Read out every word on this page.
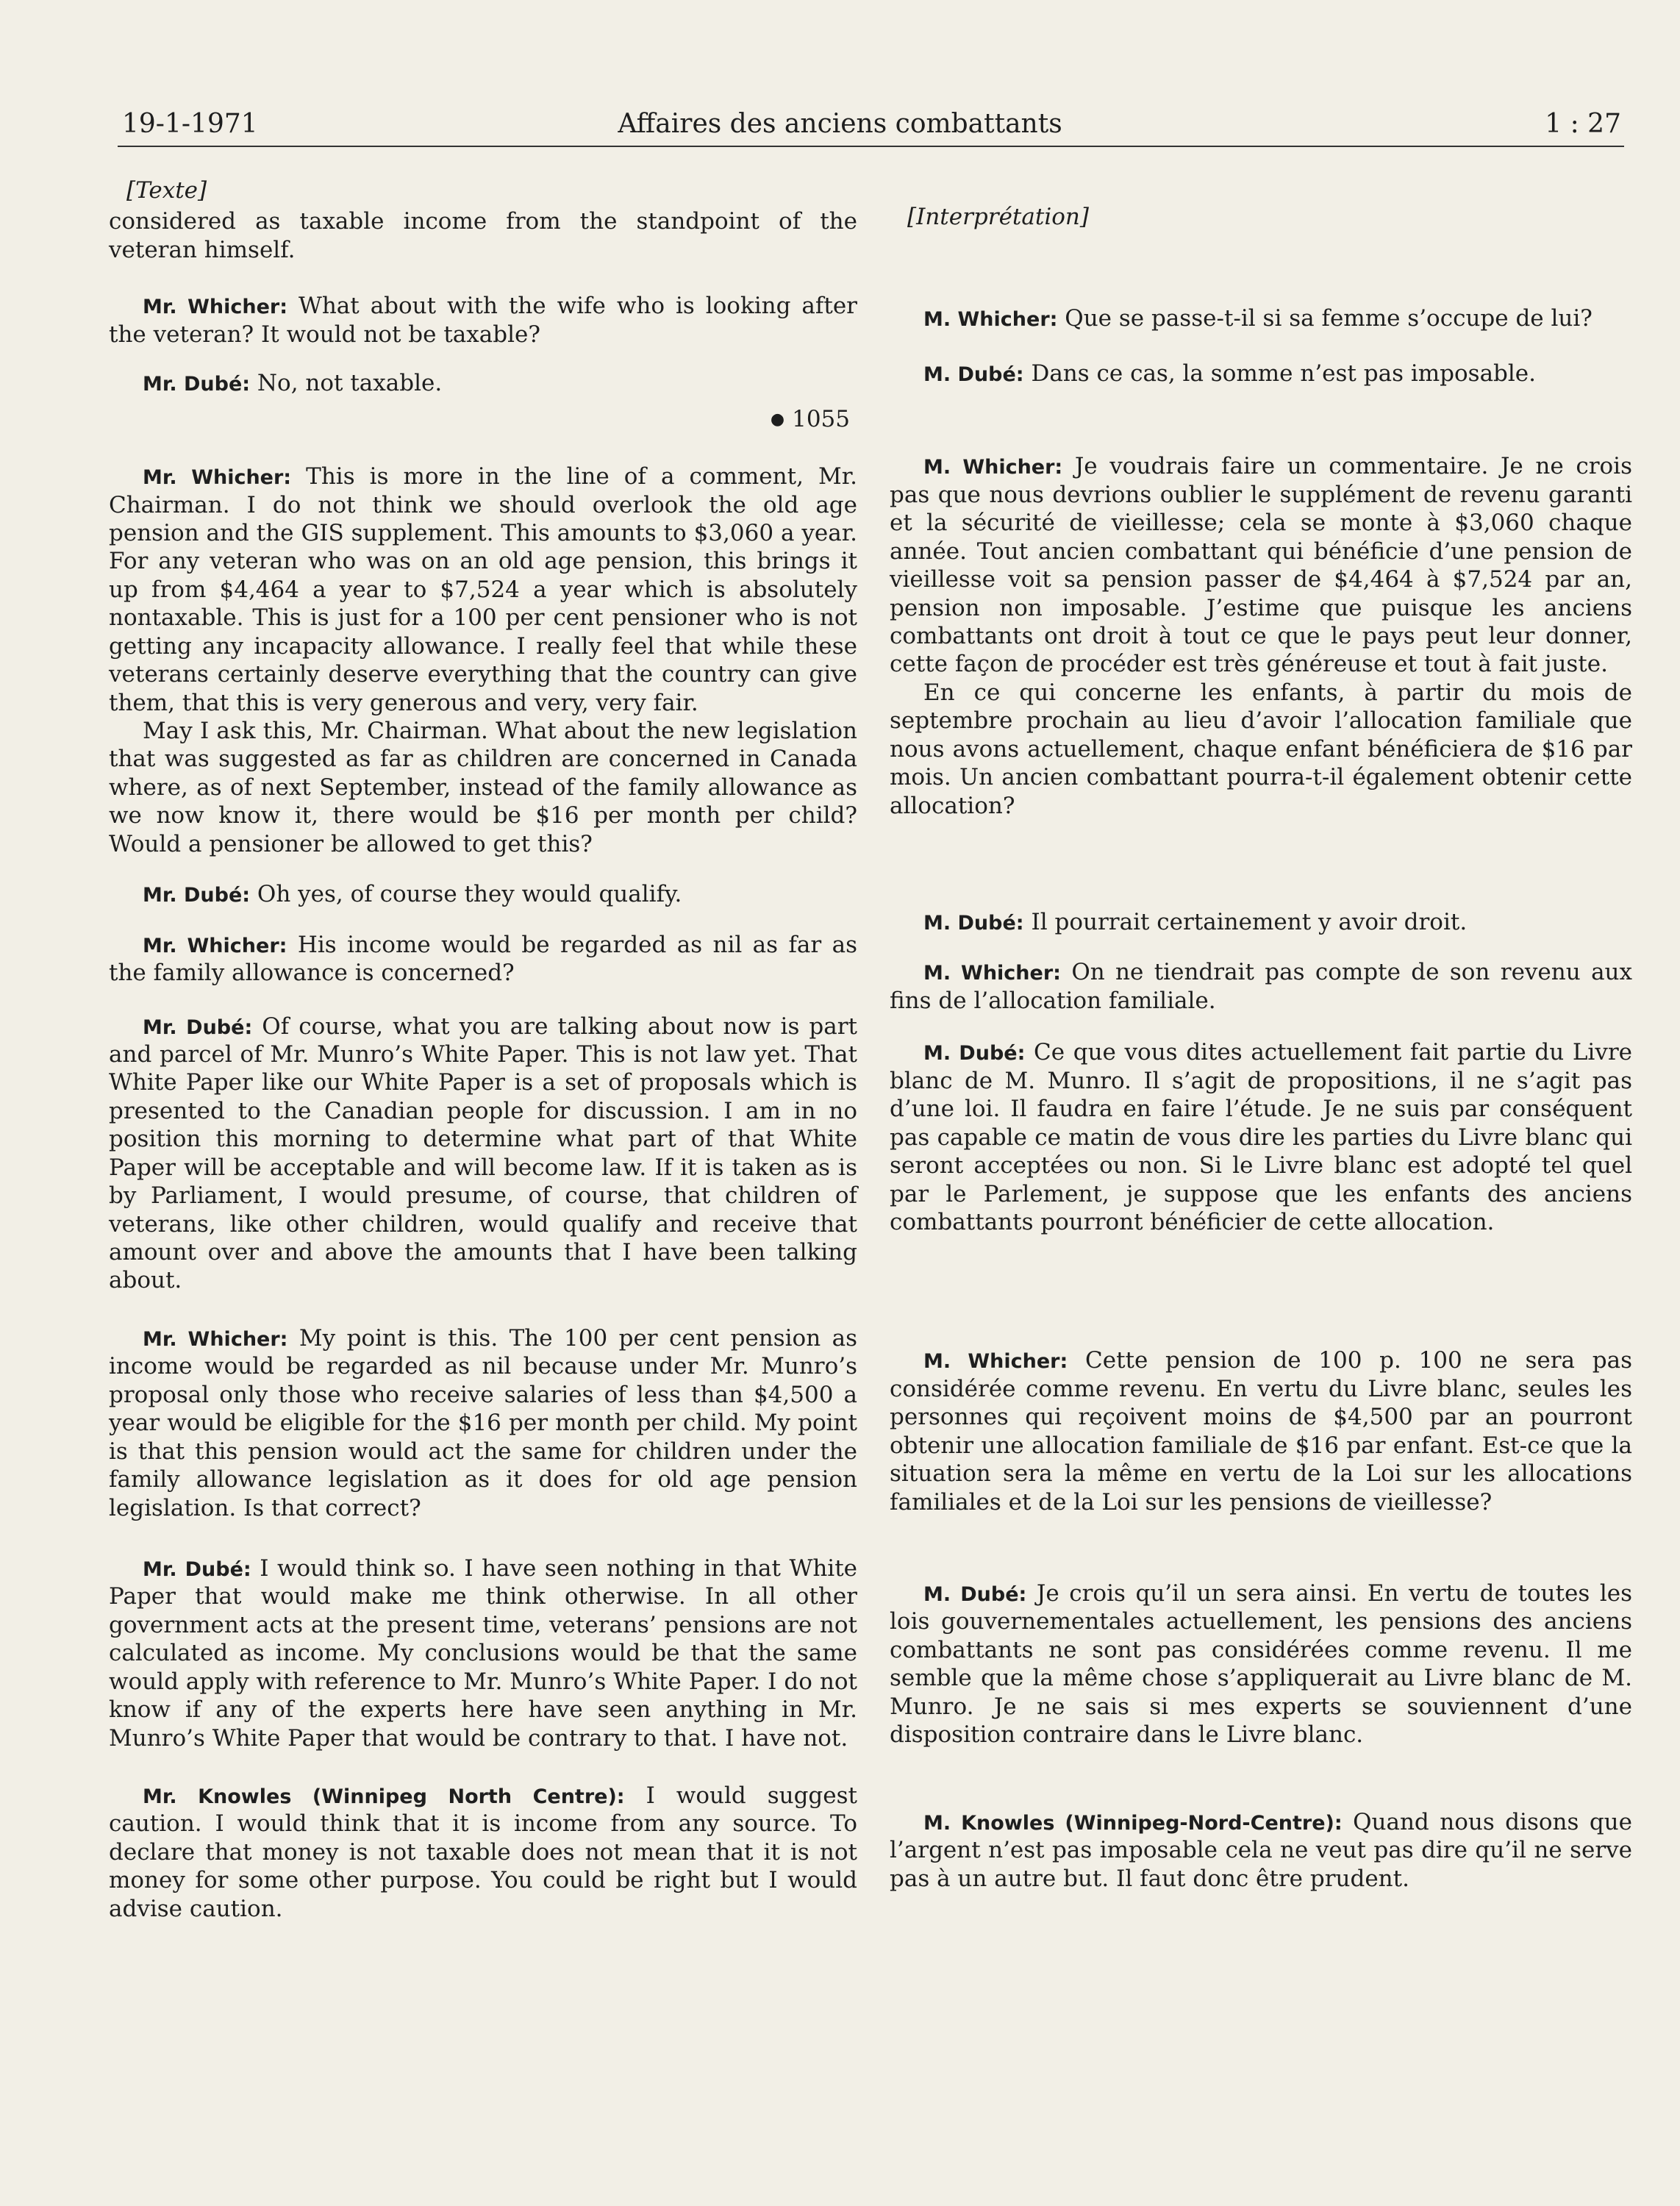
19-1-1971	Affaires des anciens combattants	1 : 27
[Texte]

considered as taxable income from the standpoint of the veteran himself.

Mr. Whicher: What about with the wife who is looking after the veteran? It would not be taxable?

Mr. Dubé: No, not taxable.

● 1055

Mr. Whicher: This is more in the line of a comment, Mr. Chairman. I do not think we should overlook the old age pension and the GIS supplement. This amounts to $3,060 a year. For any veteran who was on an old age pension, this brings it up from $4,464 a year to $7,524 a year which is absolutely nontaxable. This is just for a 100 per cent pensioner who is not getting any incapacity allowance. I really feel that while these veterans certainly deserve everything that the country can give them, that this is very generous and very, very fair.

May I ask this, Mr. Chairman. What about the new legislation that was suggested as far as children are concerned in Canada where, as of next September, instead of the family allowance as we now know it, there would be $16 per month per child? Would a pensioner be allowed to get this?

Mr. Dubé: Oh yes, of course they would qualify.

Mr. Whicher: His income would be regarded as nil as far as the family allowance is concerned?

Mr. Dubé: Of course, what you are talking about now is part and parcel of Mr. Munro’s White Paper. This is not law yet. That White Paper like our White Paper is a set of proposals which is presented to the Canadian people for discussion. I am in no position this morning to determine what part of that White Paper will be acceptable and will become law. If it is taken as is by Parliament, I would presume, of course, that children of veterans, like other children, would qualify and receive that amount over and above the amounts that I have been talking about.

Mr. Whicher: My point is this. The 100 per cent pension as income would be regarded as nil because under Mr. Munro’s proposal only those who receive salaries of less than $4,500 a year would be eligible for the $16 per month per child. My point is that this pension would act the same for children under the family allowance legislation as it does for old age pension legislation. Is that correct?

Mr. Dubé: I would think so. I have seen nothing in that White Paper that would make me think otherwise. In all other government acts at the present time, veterans’ pensions are not calculated as income. My conclusions would be that the same would apply with reference to Mr. Munro’s White Paper. I do not know if any of the experts here have seen anything in Mr. Munro’s White Paper that would be contrary to that. I have not.

Mr. Knowles (Winnipeg North Centre): I would suggest caution. I would think that it is income from any source. To declare that money is not taxable does not mean that it is not money for some other purpose. You could be right but I would advise caution.

[Interprétation]

M. Whicher: Que se passe-t-il si sa femme s’occupe de lui?

M. Dubé: Dans ce cas, la somme n’est pas imposable.

M. Whicher: Je voudrais faire un commentaire. Je ne crois pas que nous devrions oublier le supplément de revenu garanti et la sécurité de vieillesse; cela se monte à $3,060 chaque année. Tout ancien combattant qui bénéficie d’une pension de vieillesse voit sa pension passer de $4,464 à $7,524 par an, pension non imposable. J’estime que puisque les anciens combattants ont droit à tout ce que le pays peut leur donner, cette façon de procéder est très généreuse et tout à fait juste.

En ce qui concerne les enfants, à partir du mois de septembre prochain au lieu d’avoir l’allocation familiale que nous avons actuellement, chaque enfant bénéficiera de $16 par mois. Un ancien combattant pourra-t-il également obtenir cette allocation?

M. Dubé: Il pourrait certainement y avoir droit.

M. Whicher: On ne tiendrait pas compte de son revenu aux fins de l’allocation familiale.

M. Dubé: Ce que vous dites actuellement fait partie du Livre blanc de M. Munro. Il s’agit de propositions, il ne s’agit pas d’une loi. Il faudra en faire l’étude. Je ne suis par conséquent pas capable ce matin de vous dire les parties du Livre blanc qui seront acceptées ou non. Si le Livre blanc est adopté tel quel par le Parlement, je suppose que les enfants des anciens combattants pourront bénéficier de cette allocation.

M. Whicher: Cette pension de 100 p. 100 ne sera pas considérée comme revenu. En vertu du Livre blanc, seules les personnes qui reçoivent moins de $4,500 par an pourront obtenir une allocation familiale de $16 par enfant. Est-ce que la situation sera la même en vertu de la Loi sur les allocations familiales et de la Loi sur les pensions de vieillesse?

M. Dubé: Je crois qu’il un sera ainsi. En vertu de toutes les lois gouvernementales actuellement, les pensions des anciens combattants ne sont pas considérées comme revenu. Il me semble que la même chose s’appliquerait au Livre blanc de M. Munro. Je ne sais si mes experts se souviennent d’une disposition contraire dans le Livre blanc.

M. Knowles (Winnipeg-Nord-Centre): Quand nous disons que l’argent n’est pas imposable cela ne veut pas dire qu’il ne serve pas à un autre but. Il faut donc être prudent.
